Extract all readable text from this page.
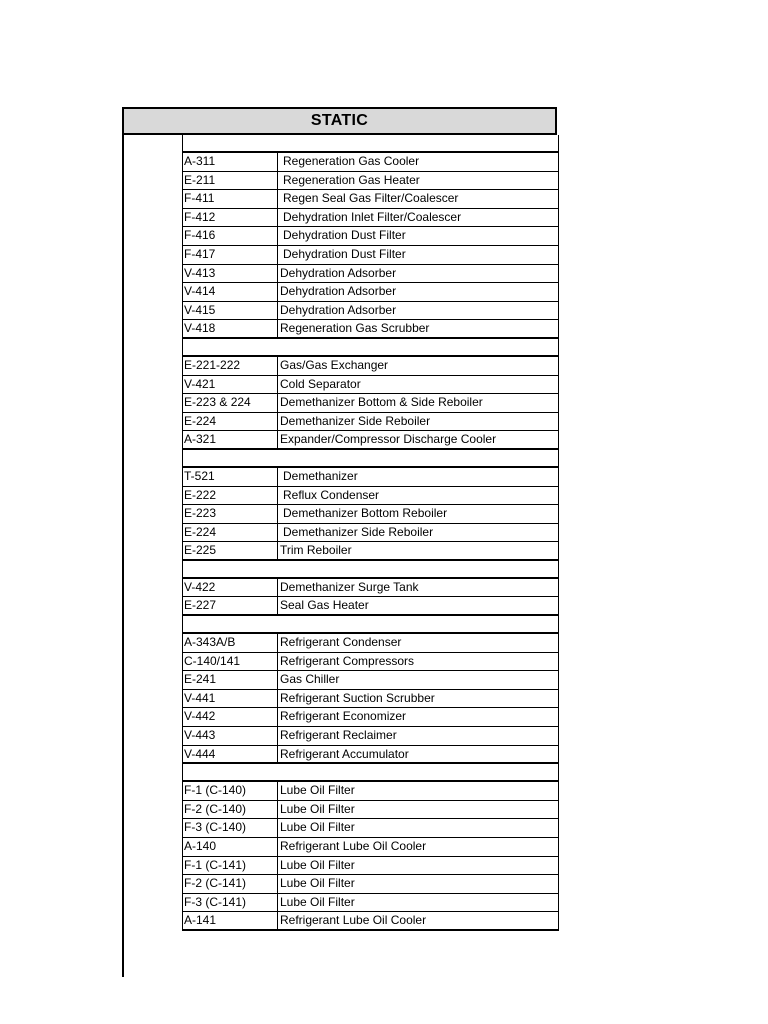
STATIC
A-311	Regeneration Gas Cooler
E-211	Regeneration Gas Heater
F-411	Regen Seal Gas Filter/Coalescer
F-412	Dehydration Inlet Filter/Coalescer
F-416	Dehydration Dust Filter
F-417	Dehydration Dust Filter
V-413	Dehydration Adsorber
V-414	Dehydration Adsorber
V-415	Dehydration Adsorber
V-418	Regeneration Gas Scrubber
E-221-222	Gas/Gas Exchanger
V-421	Cold Separator
E-223 & 224	Demethanizer Bottom & Side Reboiler
E-224	Demethanizer Side Reboiler
A-321	Expander/Compressor Discharge Cooler
T-521	Demethanizer
E-222	Reflux Condenser
E-223	Demethanizer Bottom Reboiler
E-224	Demethanizer Side Reboiler
E-225	Trim Reboiler
V-422	Demethanizer Surge Tank
E-227	Seal Gas Heater
A-343A/B	Refrigerant Condenser
C-140/141	Refrigerant Compressors
E-241	Gas Chiller
V-441	Refrigerant Suction Scrubber
V-442	Refrigerant Economizer
V-443	Refrigerant Reclaimer
V-444	Refrigerant Accumulator
F-1 (C-140)	Lube Oil Filter
F-2 (C-140)	Lube Oil Filter
F-3 (C-140)	Lube Oil Filter
A-140	Refrigerant Lube Oil Cooler
F-1 (C-141)	Lube Oil Filter
F-2 (C-141)	Lube Oil Filter
F-3 (C-141)	Lube Oil Filter
A-141	Refrigerant Lube Oil Cooler
